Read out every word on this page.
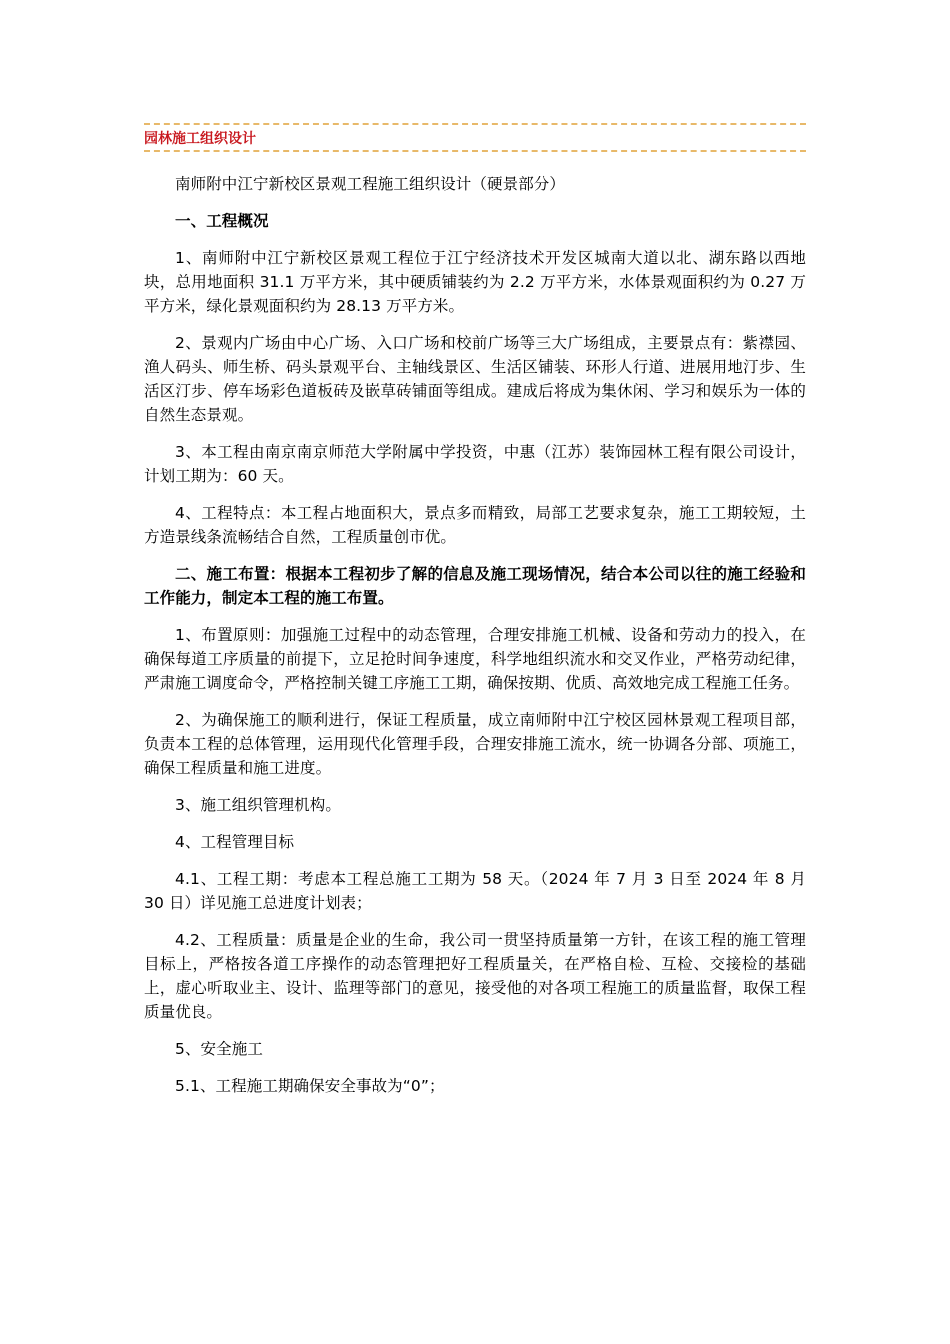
园林施工组织设计

南师附中江宁新校区景观工程施工组织设计（硬景部分）

一、工程概况

1、南师附中江宁新校区景观工程位于江宁经济技术开发区城南大道以北、湖东路以西地块，总用地面积 31.1 万平方米，其中硬质铺装约为 2.2 万平方米，水体景观面积约为 0.27 万平方米，绿化景观面积约为 28.13 万平方米。

2、景观内广场由中心广场、入口广场和校前广场等三大广场组成，主要景点有：紫襟园、渔人码头、师生桥、码头景观平台、主轴线景区、生活区铺装、环形人行道、进展用地汀步、生活区汀步、停车场彩色道板砖及嵌草砖铺面等组成。建成后将成为集休闲、学习和娱乐为一体的自然生态景观。

3、本工程由南京南京师范大学附属中学投资，中惠（江苏）装饰园林工程有限公司设计，计划工期为：60 天。

4、工程特点：本工程占地面积大，景点多而精致，局部工艺要求复杂，施工工期较短，土方造景线条流畅结合自然，工程质量创市优。

二、施工布置：根据本工程初步了解的信息及施工现场情况，结合本公司以往的施工经验和工作能力，制定本工程的施工布置。

1、布置原则：加强施工过程中的动态管理，合理安排施工机械、设备和劳动力的投入，在确保每道工序质量的前提下，立足抢时间争速度，科学地组织流水和交叉作业，严格劳动纪律，严肃施工调度命令，严格控制关键工序施工工期，确保按期、优质、高效地完成工程施工任务。

2、为确保施工的顺利进行，保证工程质量，成立南师附中江宁校区园林景观工程项目部，负责本工程的总体管理，运用现代化管理手段，合理安排施工流水，统一协调各分部、项施工，确保工程质量和施工进度。

3、施工组织管理机构。

4、工程管理目标

4.1、工程工期：考虑本工程总施工工期为 58 天。（2024 年 7 月 3 日至 2024 年 8 月 30 日）详见施工总进度计划表；

4.2、工程质量：质量是企业的生命，我公司一贯坚持质量第一方针，在该工程的施工管理目标上，严格按各道工序操作的动态管理把好工程质量关，在严格自检、互检、交接检的基础上，虚心听取业主、设计、监理等部门的意见，接受他的对各项工程施工的质量监督，取保工程质量优良。

5、安全施工

5.1、工程施工期确保安全事故为“0”；
